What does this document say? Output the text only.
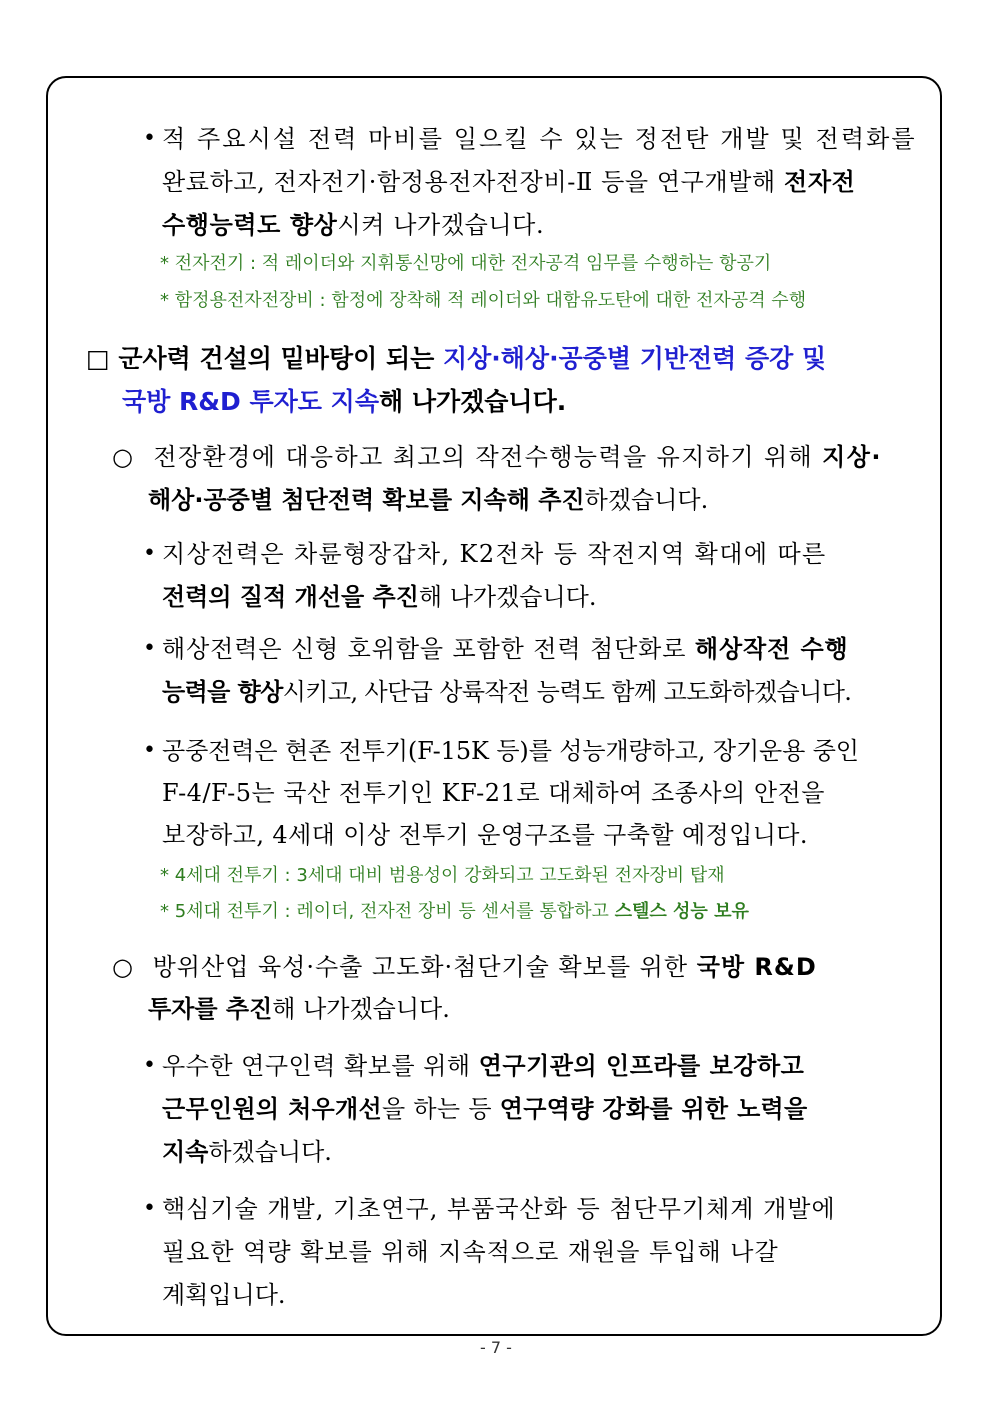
• 적 주요시설 전력 마비를 일으킬 수 있는 정전탄 개발 및 전력화를
완료하고, 전자전기·함정용전자전장비-Ⅱ 등을 연구개발해 전자전
수행능력도 향상시켜 나가겠습니다.
* 전자전기 : 적 레이더와 지휘통신망에 대한 전자공격 임무를 수행하는 항공기
* 함정용전자전장비 : 함정에 장착해 적 레이더와 대함유도탄에 대한 전자공격 수행
□ 군사력 건설의 밑바탕이 되는 지상·해상·공중별 기반전력 증강 및
국방 R&D 투자도 지속해 나가겠습니다.
○ 전장환경에 대응하고 최고의 작전수행능력을 유지하기 위해 지상·
해상·공중별 첨단전력 확보를 지속해 추진하겠습니다.
• 지상전력은 차륜형장갑차, K2전차 등 작전지역 확대에 따른
전력의 질적 개선을 추진해 나가겠습니다.
• 해상전력은 신형 호위함을 포함한 전력 첨단화로 해상작전 수행
능력을 향상시키고, 사단급 상륙작전 능력도 함께 고도화하겠습니다.
• 공중전력은 현존 전투기(F-15K 등)를 성능개량하고, 장기운용 중인
F-4/F-5는 국산 전투기인 KF-21로 대체하여 조종사의 안전을
보장하고, 4세대 이상 전투기 운영구조를 구축할 예정입니다.
* 4세대 전투기 : 3세대 대비 범용성이 강화되고 고도화된 전자장비 탑재
* 5세대 전투기 : 레이더, 전자전 장비 등 센서를 통합하고 스텔스 성능 보유
○ 방위산업 육성·수출 고도화·첨단기술 확보를 위한 국방 R&D
투자를 추진해 나가겠습니다.
• 우수한 연구인력 확보를 위해 연구기관의 인프라를 보강하고
근무인원의 처우개선을 하는 등 연구역량 강화를 위한 노력을
지속하겠습니다.
• 핵심기술 개발, 기초연구, 부품국산화 등 첨단무기체계 개발에
필요한 역량 확보를 위해 지속적으로 재원을 투입해 나갈
계획입니다.
- 7 -
